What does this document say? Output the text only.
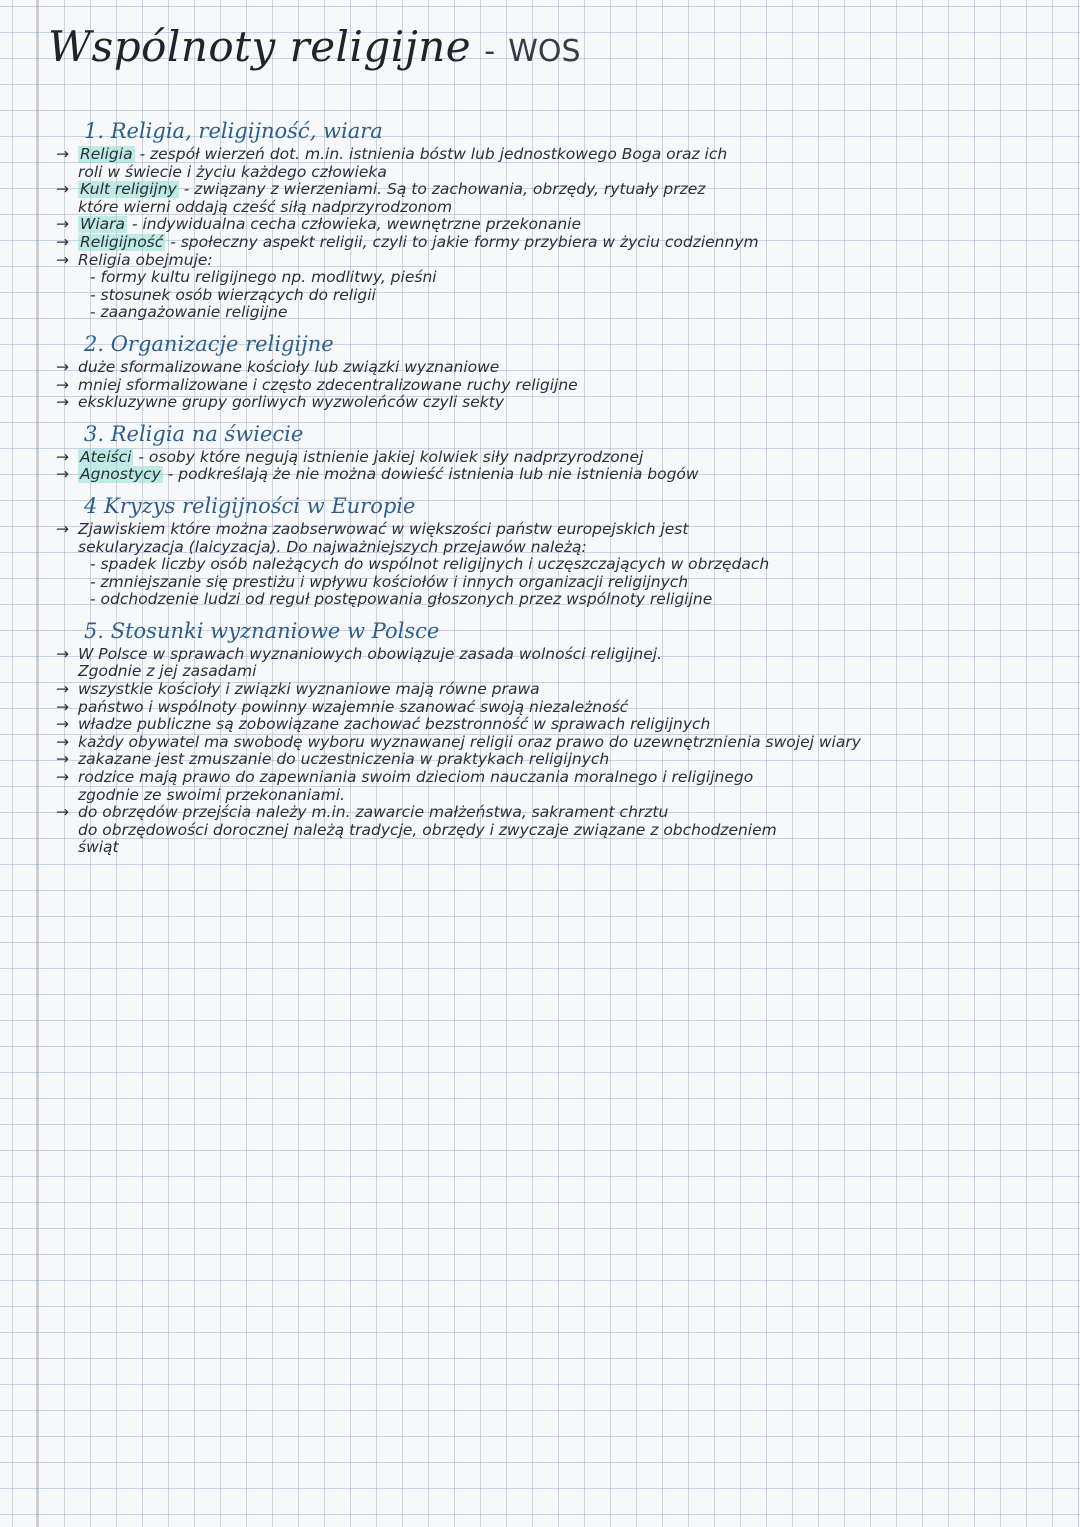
Wspólnoty religijne - WOS
1. Religia, religijność, wiara
→ Religia - zespół wierzeń dot. m.in. istnienia bóstw lub jednostkowego Boga oraz ich
roli w świecie i życiu każdego człowieka
→ Kult religijny - związany z wierzeniami. Są to zachowania, obrzędy, rytuały przez
które wierni oddają cześć siłą nadprzyrodzonom
→ Wiara - indywidualna cecha człowieka, wewnętrzne przekonanie
→ Religijność - społeczny aspekt religii, czyli to jakie formy przybiera w życiu codziennym
→ Religia obejmuje:
- formy kultu religijnego np. modlitwy, pieśni
- stosunek osób wierzących do religii
- zaangażowanie religijne
2. Organizacje religijne
→ duże sformalizowane kościoły lub związki wyznaniowe
→ mniej sformalizowane i często zdecentralizowane ruchy religijne
→ ekskluzywne grupy gorliwych wyzwoleńców czyli sekty
3. Religia na świecie
→ Ateiści - osoby które negują istnienie jakiej kolwiek siły nadprzyrodzonej
→ Agnostycy - podkreślają że nie można dowieść istnienia lub nie istnienia bogów
4 Kryzys religijności w Europie
→ Zjawiskiem które można zaobserwować w większości państw europejskich jest
sekularyzacja (laicyzacja). Do najważniejszych przejawów należą:
- spadek liczby osób należących do wspólnot religijnych i uczęszczających w obrzędach
- zmniejszanie się prestiżu i wpływu kościołów i innych organizacji religijnych
- odchodzenie ludzi od reguł postępowania głoszonych przez wspólnoty religijne
5. Stosunki wyznaniowe w Polsce
→ W Polsce w sprawach wyznaniowych obowiązuje zasada wolności religijnej.
Zgodnie z jej zasadami
→ wszystkie kościoły i związki wyznaniowe mają równe prawa
→ państwo i wspólnoty powinny wzajemnie szanować swoją niezależność
→ władze publiczne są zobowiązane zachować bezstronność w sprawach religijnych
→ każdy obywatel ma swobodę wyboru wyznawanej religii oraz prawo do uzewnętrznienia swojej wiary
→ zakazane jest zmuszanie do uczestniczenia w praktykach religijnych
→ rodzice mają prawo do zapewniania swoim dzieciom nauczania moralnego i religijnego
zgodnie ze swoimi przekonaniami.
→ do obrzędów przejścia należy m.in. zawarcie małżeństwa, sakrament chrztu
do obrzędowości dorocznej należą tradycje, obrzędy i zwyczaje związane z obchodzeniem
świąt
